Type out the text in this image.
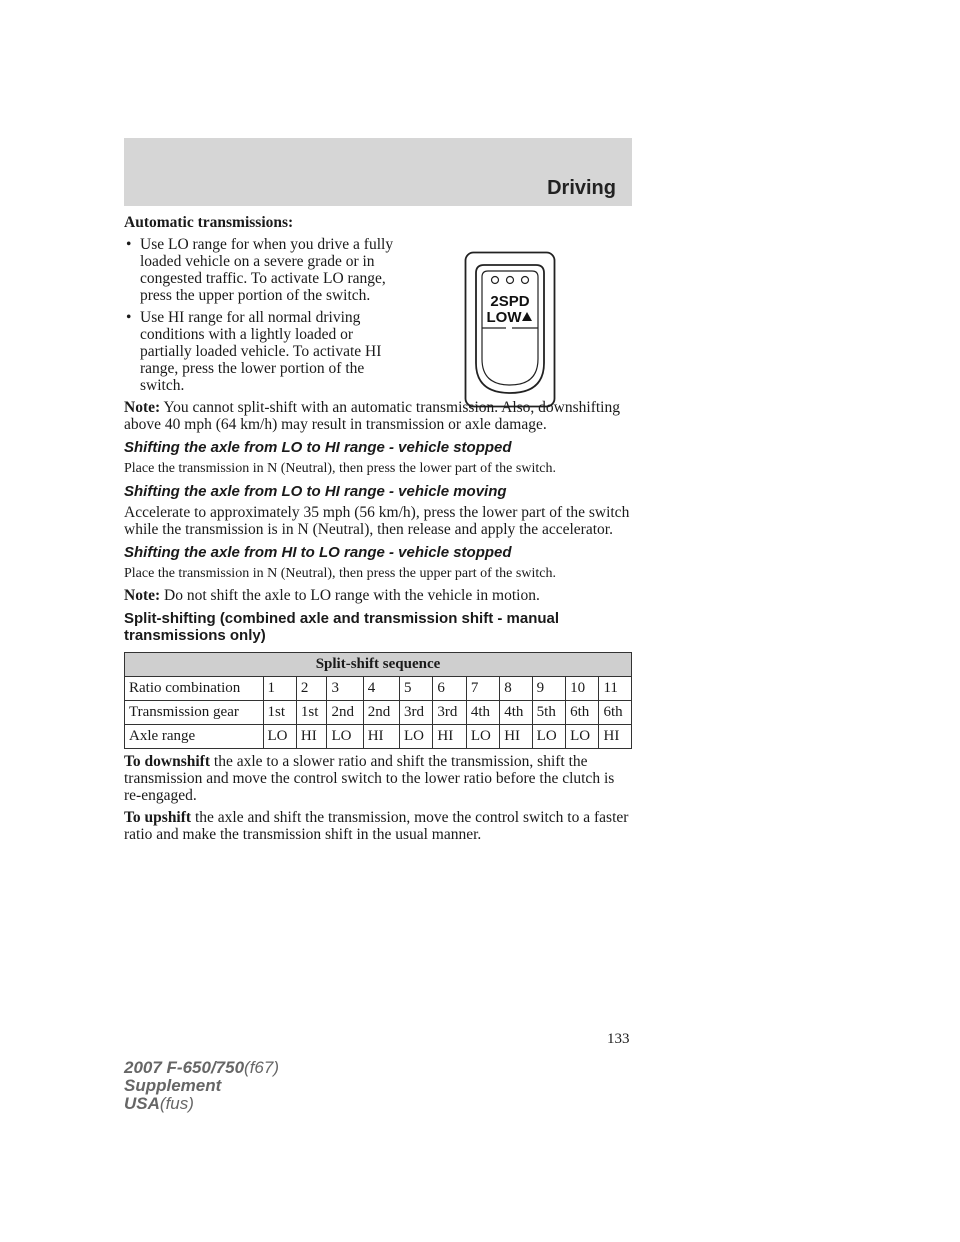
Driving
2SPD
LOW
Automatic transmissions:
• Use LO range for when you drive a fully loaded vehicle on a severe grade or in congested traffic. To activate LO range, press the upper portion of the switch.
• Use HI range for all normal driving conditions with a lightly loaded or partially loaded vehicle. To activate HI range, press the lower portion of the switch.

Note: You cannot split-shift with an automatic transmission. Also, downshifting above 40 mph (64 km/h) may result in transmission or axle damage.

Shifting the axle from LO to HI range - vehicle stopped

Place the transmission in N (Neutral), then press the lower part of the switch.

Shifting the axle from LO to HI range - vehicle moving

Accelerate to approximately 35 mph (56 km/h), press the lower part of the switch while the transmission is in N (Neutral), then release and apply the accelerator.

Shifting the axle from HI to LO range - vehicle stopped

Place the transmission in N (Neutral), then press the upper part of the switch.

Note: Do not shift the axle to LO range with the vehicle in motion.

Split-shifting (combined axle and transmission shift - manual transmissions only)
Split-shift sequence											
Ratio combination	1	2	3	4	5	6	7	8	9	10	11
Transmission gear	1st	1st	2nd	2nd	3rd	3rd	4th	4th	5th	6th	6th
Axle range	LO	HI	LO	HI	LO	HI	LO	HI	LO	LO	HI

To downshift the axle to a slower ratio and shift the transmission, shift the transmission and move the control switch to the lower ratio before the clutch is re-engaged.

To upshift the axle and shift the transmission, move the control switch to a faster ratio and make the transmission shift in the usual manner.

133
2007 F-650/750(f67)
Supplement
USA(fus)
